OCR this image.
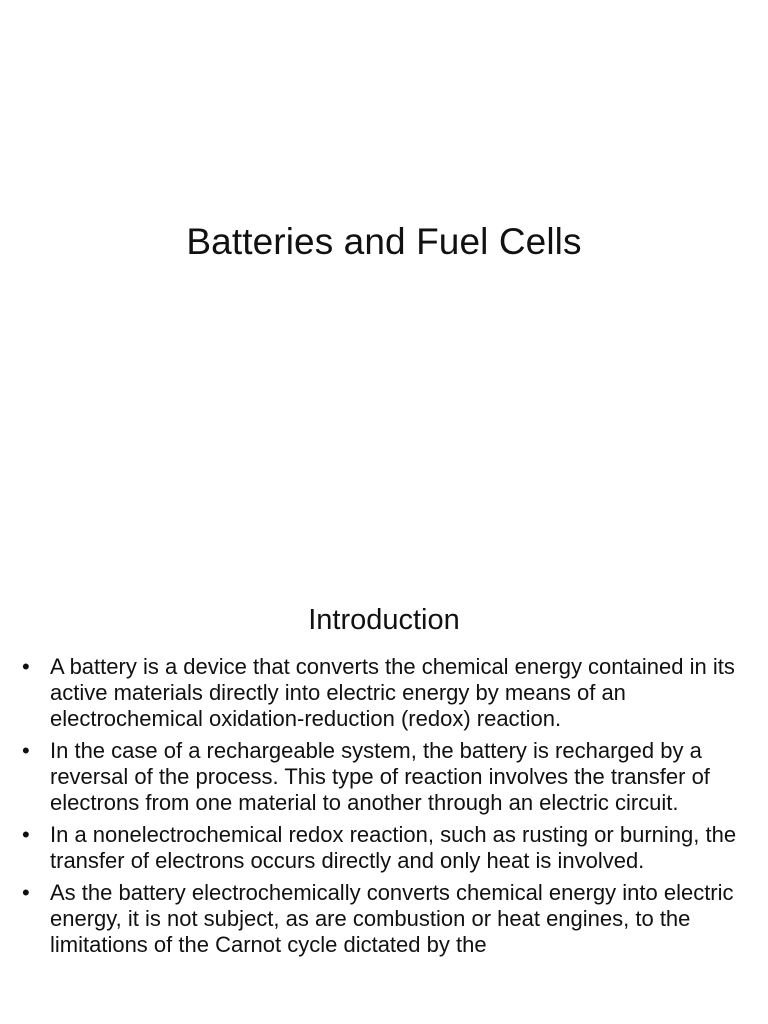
Batteries and Fuel Cells
Introduction
• A battery is a device that converts the chemical energy contained in its active materials directly into electric energy by means of an electrochemical oxidation-reduction (redox) reaction.
• In the case of a rechargeable system, the battery is recharged by a reversal of the process. This type of reaction involves the transfer of electrons from one material to another through an electric circuit.
• In a nonelectrochemical redox reaction, such as rusting or burning, the transfer of electrons occurs directly and only heat is involved.
• As the battery electrochemically converts chemical energy into electric energy, it is not subject, as are combustion or heat engines, to the limitations of the Carnot cycle dictated by the
